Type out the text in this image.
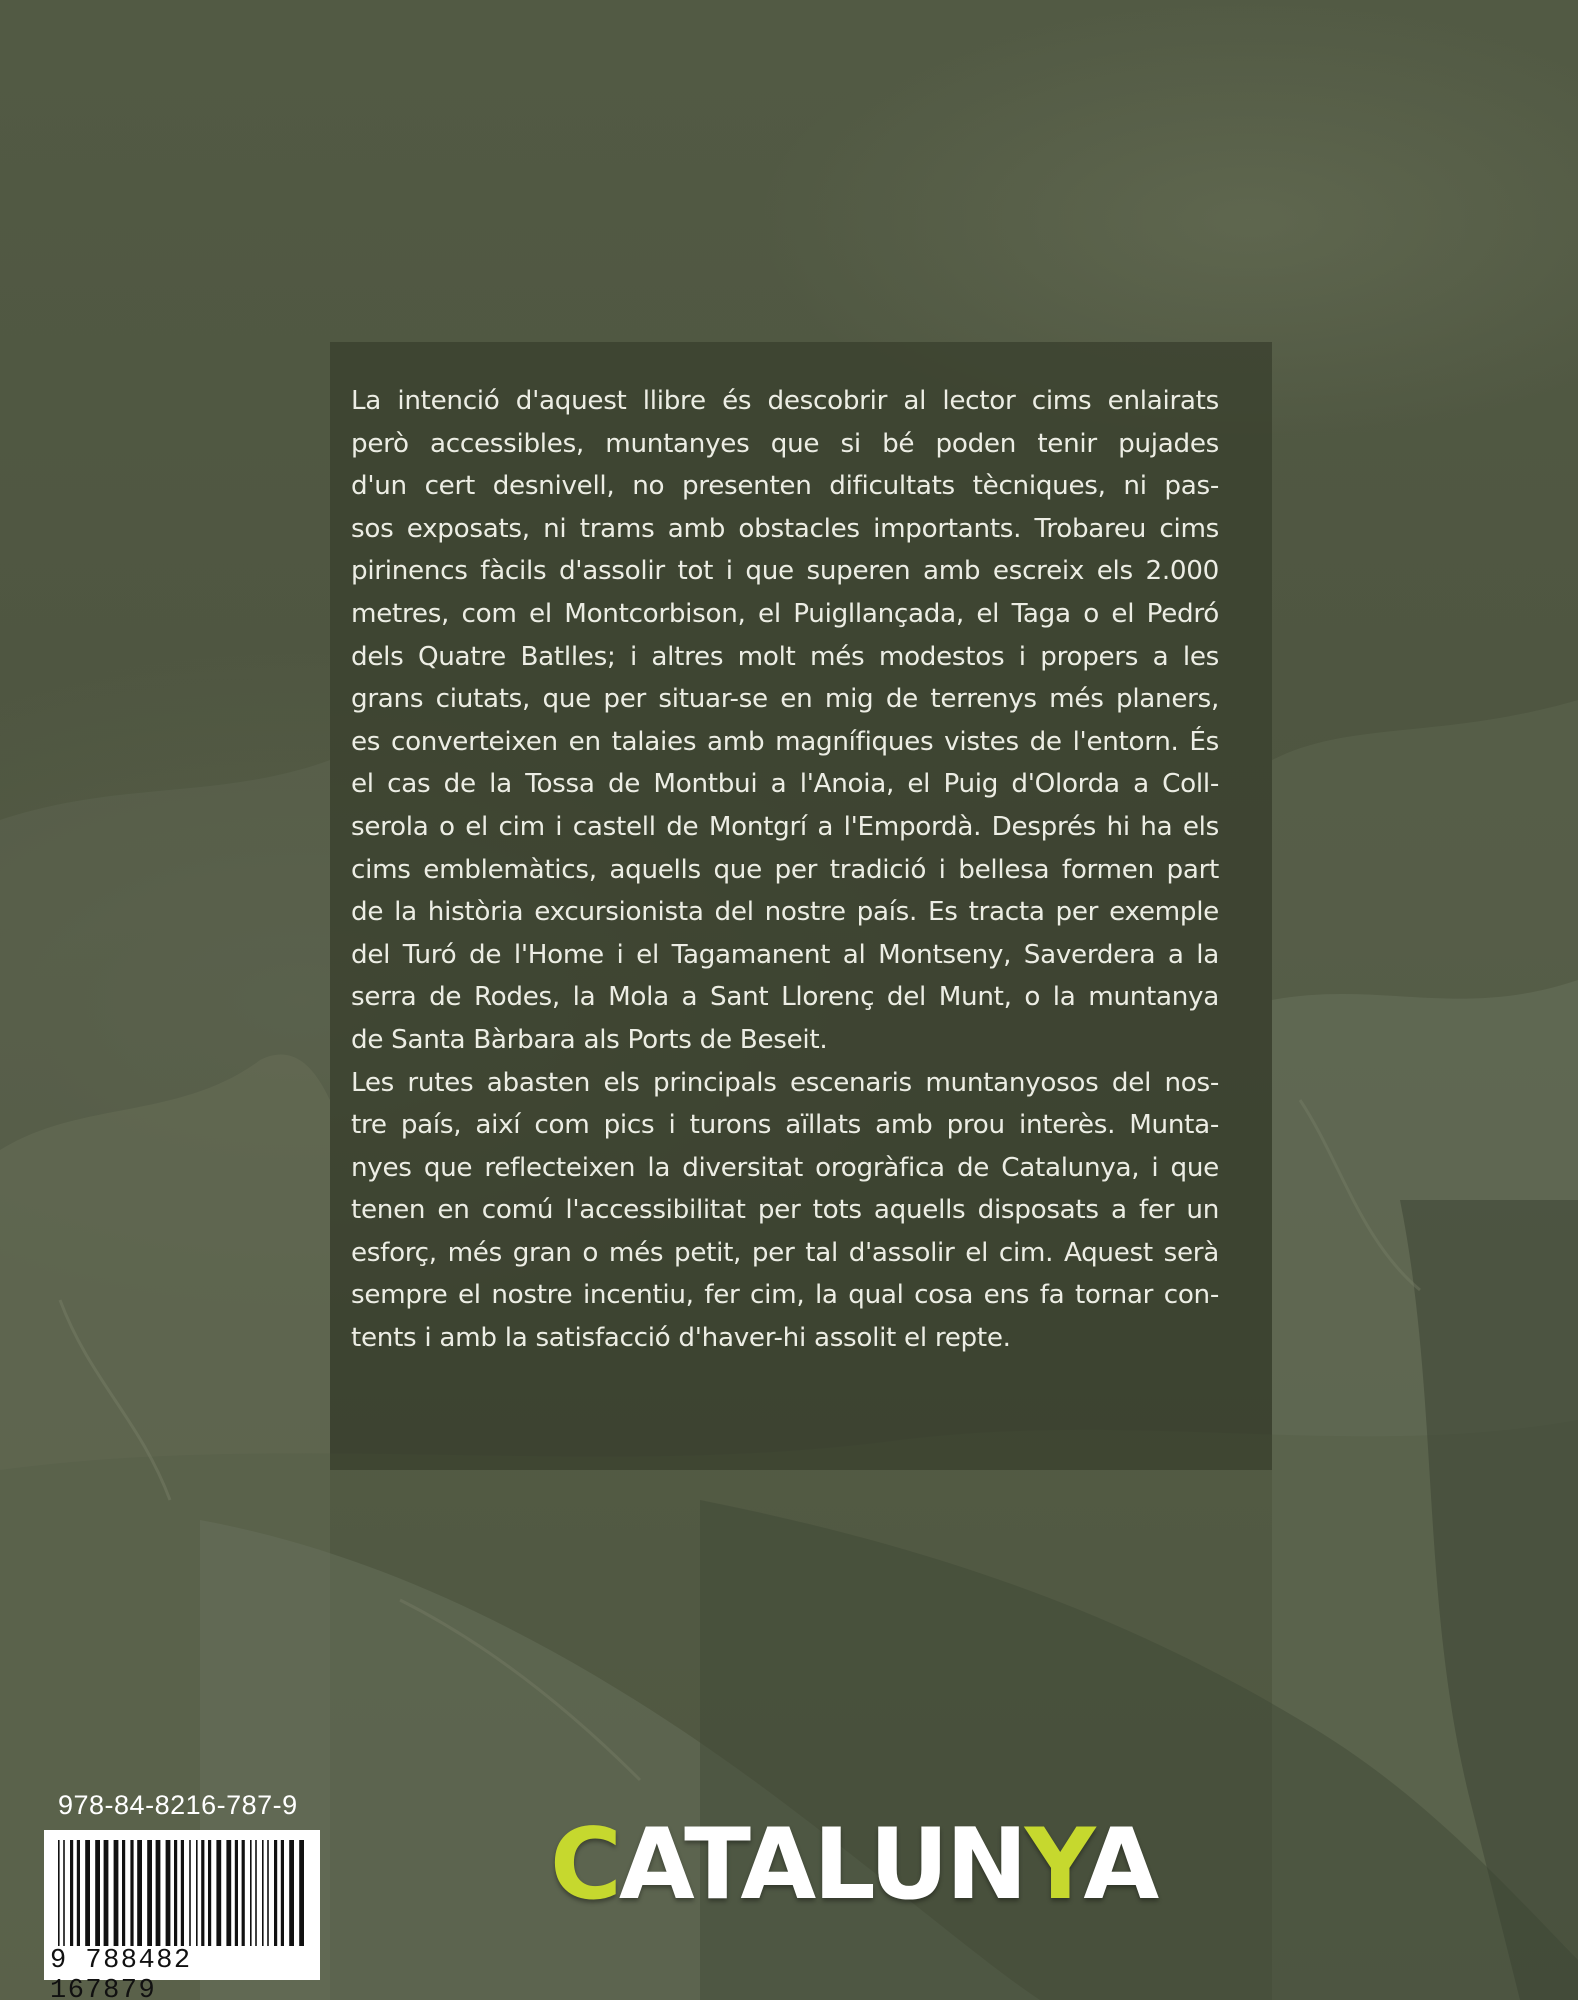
La intenció d'aquest llibre és descobrir al lector cims enlairats
però accessibles, muntanyes que si bé poden tenir pujades
d'un cert desnivell, no presenten dificultats tècniques, ni pas-
sos exposats, ni trams amb obstacles importants. Trobareu cims
pirinencs fàcils d'assolir tot i que superen amb escreix els 2.000
metres, com el Montcorbison, el Puigllançada, el Taga o el Pedró
dels Quatre Batlles; i altres molt més modestos i propers a les
grans ciutats, que per situar-se en mig de terrenys més planers,
es converteixen en talaies amb magnífiques vistes de l'entorn. És
el cas de la Tossa de Montbui a l'Anoia, el Puig d'Olorda a Coll-
serola o el cim i castell de Montgrí a l'Empordà. Després hi ha els
cims emblemàtics, aquells que per tradició i bellesa formen part
de la història excursionista del nostre país. Es tracta per exemple
del Turó de l'Home i el Tagamanent al Montseny, Saverdera a la
serra de Rodes, la Mola a Sant Llorenç del Munt, o la muntanya
de Santa Bàrbara als Ports de Beseit.
Les rutes abasten els principals escenaris muntanyosos del nos-
tre país, així com pics i turons aïllats amb prou interès. Munta-
nyes que reflecteixen la diversitat orogràfica de Catalunya, i que
tenen en comú l'accessibilitat per tots aquells disposats a fer un
esforç, més gran o més petit, per tal d'assolir el cim. Aquest serà
sempre el nostre incentiu, fer cim, la qual cosa ens fa tornar con-
tents i amb la satisfacció d'haver-hi assolit el repte.
978-84-8216-787-9
9 788482 167879
CATALUNYA
